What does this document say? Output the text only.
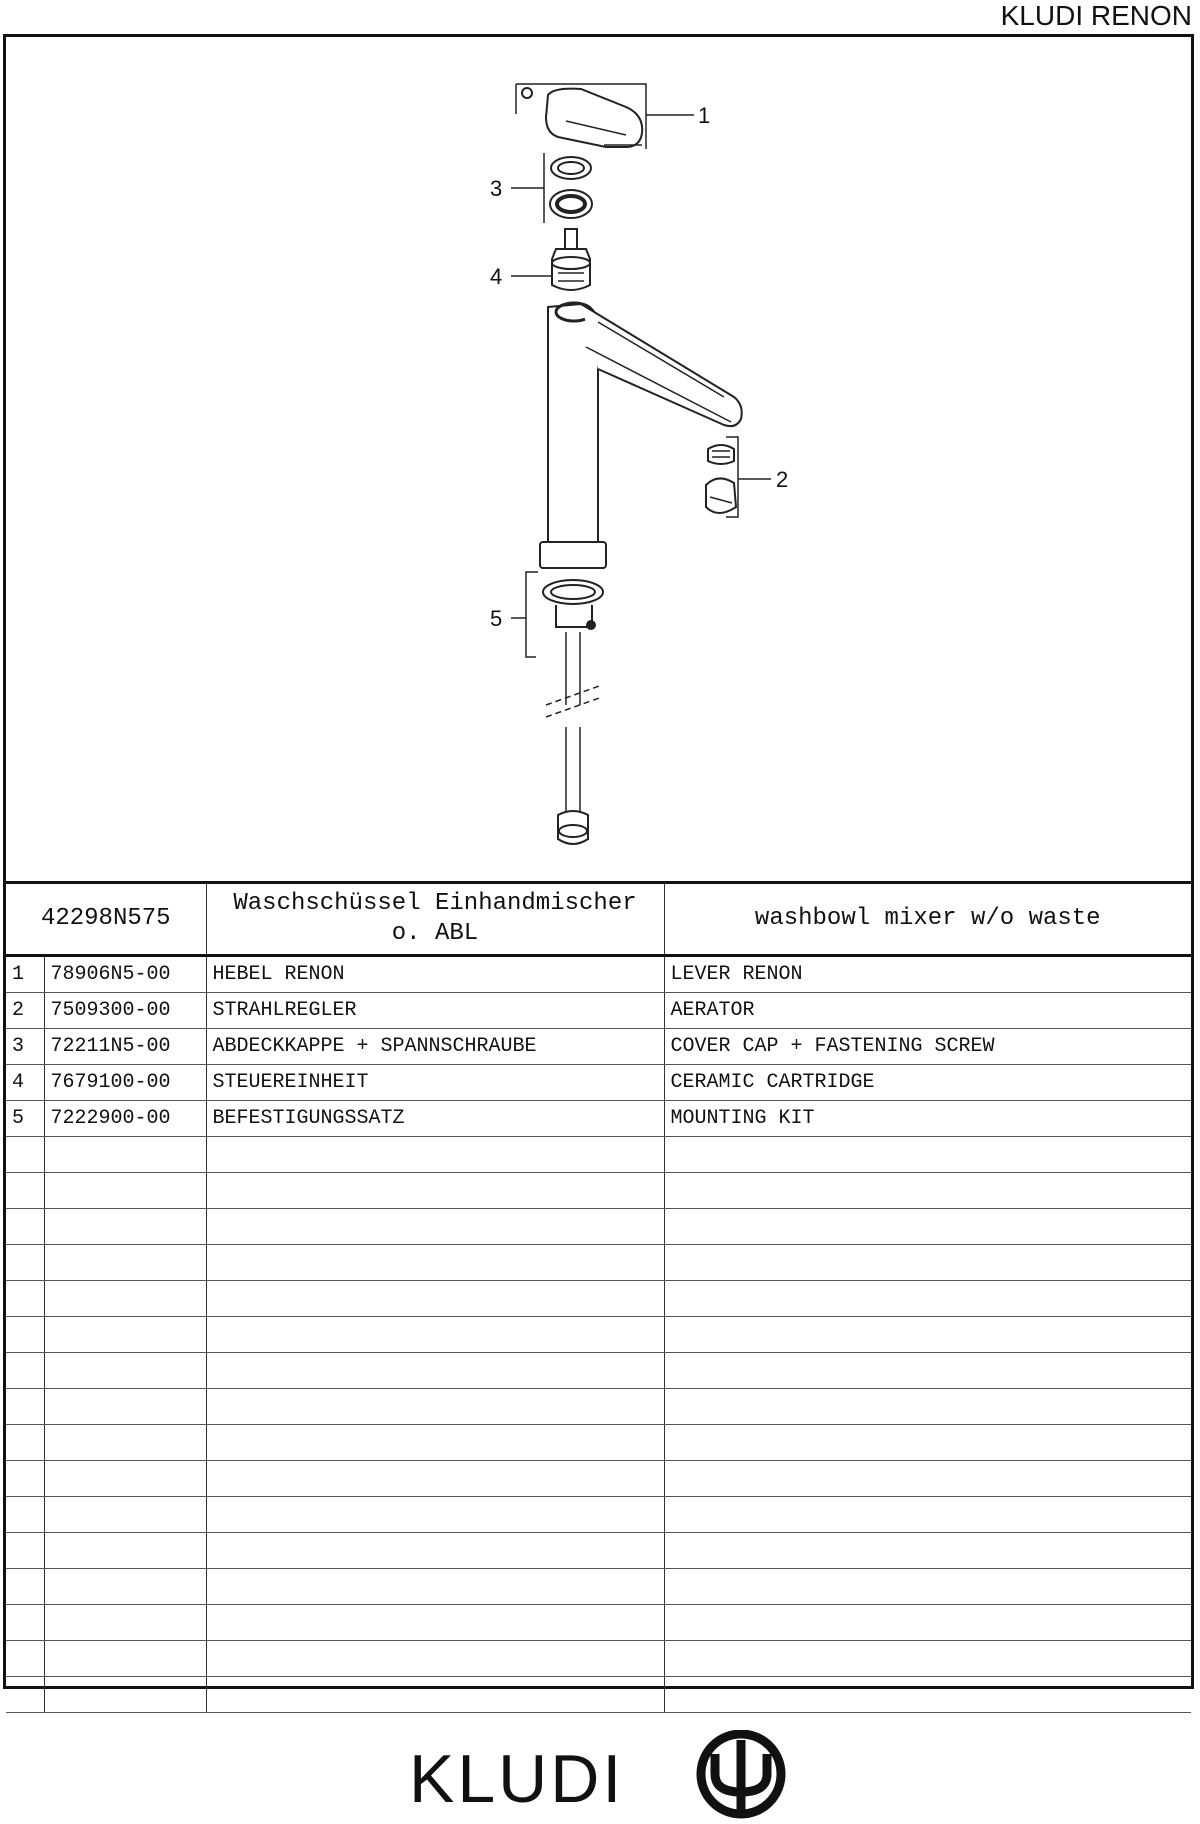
KLUDI RENON
1
2
3
4
5
42298N575		Waschschüssel Einhandmischer o. ABL	washbowl mixer w/o waste
1	78906N5-00	HEBEL RENON	LEVER RENON
2	7509300-00	STRAHLREGLER	AERATOR
3	72211N5-00	ABDECKKAPPE + SPANNSCHRAUBE	COVER CAP + FASTENING SCREW
4	7679100-00	STEUEREINHEIT	CERAMIC CARTRIDGE
5	7222900-00	BEFESTIGUNGSSATZ	MOUNTING KIT

KLUDI
